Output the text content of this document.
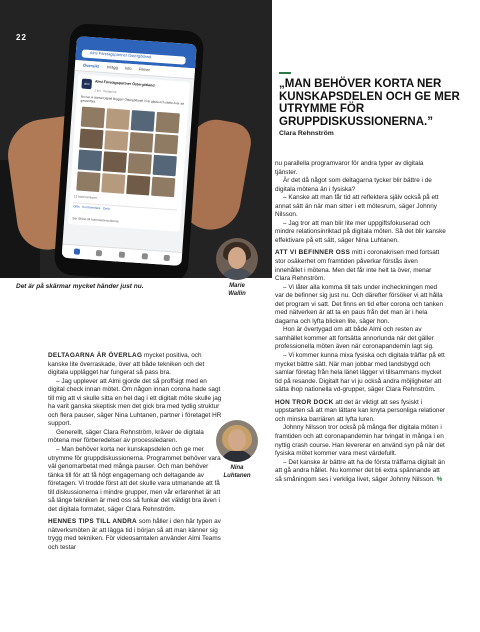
Almi Företagspartner Östergötland
Översikt Inlägg Info Filmer
almi	Almi Företagspartner Östergötland
2 tim · Redigerat
Nu har vi startat Digital Brygger Östergötland! Vi är glada och stolta över att genomföra
12 kommentarer
Gilla Kommentera Dela
Ser Shine till kommentera denna
22
Det är på skärmar mycket händer just nu.
„MAN BEHÖVER KORTA NER KUNSKAPSDELEN OCH GE MER UTRYMME FÖR GRUPPDISKUSSIONERNA.”
Clara Rehnström
Marie
Wallin
Nina
Luhtanen

DELTAGARNA ÄR ÖVERLAG mycket positiva, och kanske lite överraskade, över att både tekniken och det digitala upplägget har fungerat så pass bra.

– Jag upplever att Almi gjorde det så proffsigt med en digital check innan mötet. Om någon innan corona hade sagt till mig att vi skulle sitta en hel dag i ett digitalt möte skulle jag ha varit ganska skeptisk men det gick bra med tydlig struktur och flera pauser, säger Nina Luhtanen, partner i företaget HR support.

Generellt, säger Clara Rehnström, kräver de digitala mötena mer förberedelser av processledaren.

– Man behöver korta ner kunskapsdelen och ge mer utrymme för gruppdiskussionerna. Programmet behöver vara väl genomarbetat med många pauser. Och man behöver tänka till för att få högt engagemang och deltagande av företagen. Vi trodde först att det skulle vara utmanande att få till diskussionerna i mindre grupper, men vår erfarenhet är att så länge tekniken är med oss så funkar det väldigt bra även i det digitala formatet, säger Clara Rehnström.

HENNES TIPS TILL ANDRA som håller i den här typen av nätverksmöten är att lägga tid i början så att man känner sig trygg med tekniken. För videosamtalen använder Almi Teams och testar

nu parallella programvaror för andra typer av digitala tjänster.

Är det då något som deltagarna tycker blir bättre i de digitala mötena än i fysiska?

– Kanske att man får tid att reflektera själv också på ett annat sätt än när man sitter i ett mötesrum, säger Johnny Nilsson.

– Jag tror att man blir lite mer uppgiftsfokuserad och mindre relationsinriktad på digitala möten. Så det blir kanske effektivare på ett sätt, säger Nina Luhtanen.

ATT VI BEFINNER OSS mitt i coronakrisen med fortsatt stor osäkerhet om framtiden påverkar förstås även innehållet i mötena. Men det får inte helt ta över, menar Clara Rehnström.

– Vi låter alla komma till tals under incheckningen med var de befinner sig just nu. Och därefter försöker vi att hålla det program vi satt. Det finns en tid efter corona och tanken med nätverken är att ta en paus från det man är i hela dagarna och lyfta blicken lite, säger hon.

Hon är övertygad om att både Almi och resten av samhället kommer att fortsätta annorlunda när det gäller professionella möten även när coronapandemin lagt sig.

– Vi kommer kunna mixa fysiska och digitala träffar på ett mycket bättre sätt. När man jobbar med landsbygd och samlar företag från hela länet lägger vi tillsammans mycket tid på resande. Digitalt har vi ju också andra möjligheter att sätta ihop nationella vd-grupper, säger Clara Rehnström.

HON TROR DOCK att det är viktigt att ses fysiskt i uppstarten så att man lättare kan knyta personliga relationer och minska barriären att lyfta luren.

Johnny Nilsson tror också på många fler digitala möten i framtiden och att coronapandemin har tvingat in många i en nyttig crash course. Han levererar en använd syn på när det fysiska mötet kommer vara mest värdefullt.

– Det kanske är bättre att ha de första träffarna digitalt än att gå andra hållet. Nu kommer det bli extra spännande att så småningom ses i verkliga livet, säger Johnny Nilsson. %
